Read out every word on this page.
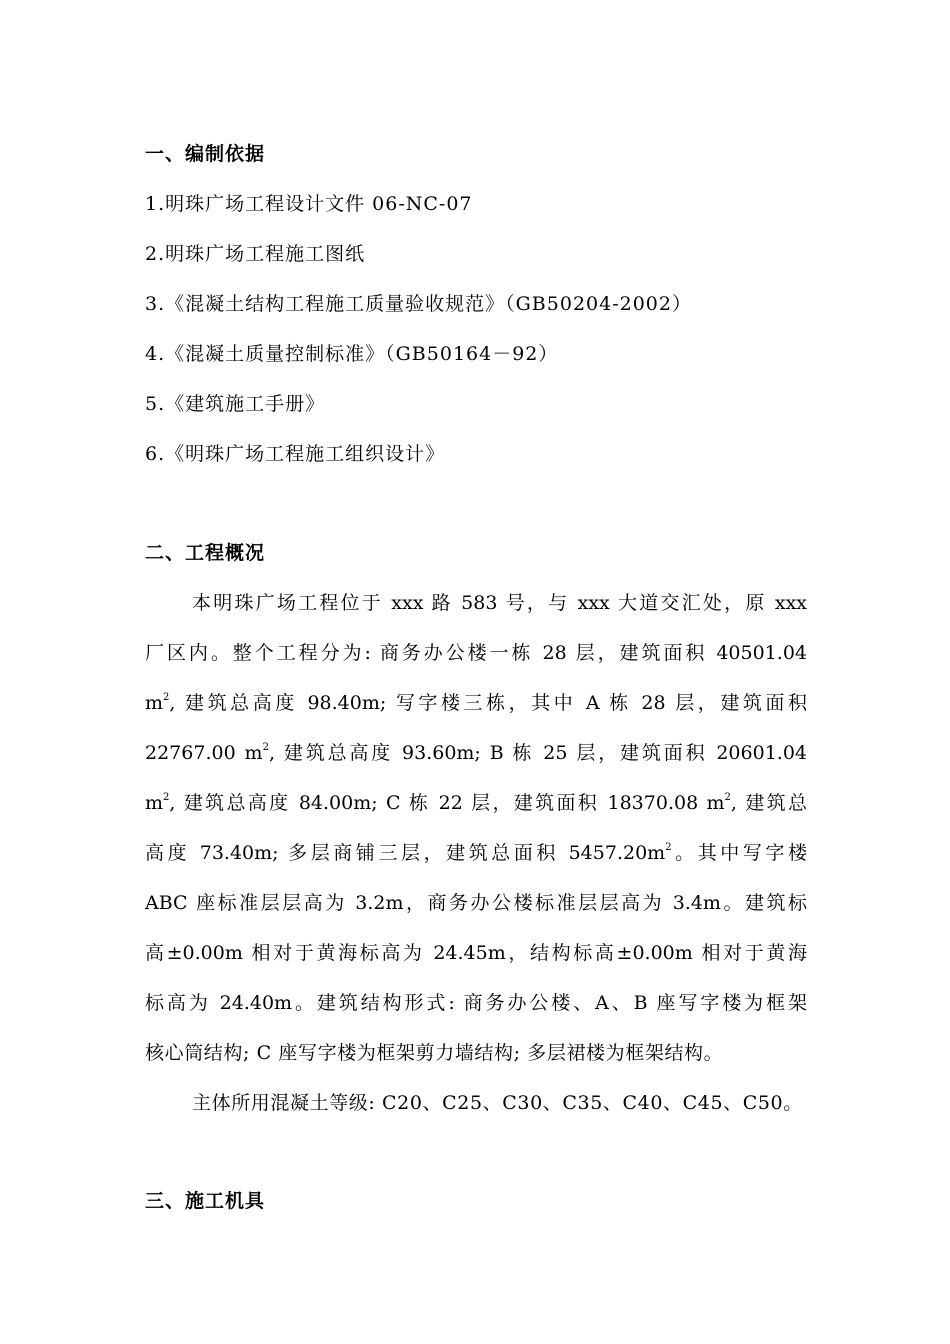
一、编制依据
1.明珠广场工程设计文件 06-NC-07
2.明珠广场工程施工图纸
3.《混凝土结构工程施工质量验收规范》（GB50204-2002）
4.《混凝土质量控制标准》（GB50164－92）
5.《建筑施工手册》
6.《明珠广场工程施工组织设计》
二、工程概况
本明珠广场工程位于 xxx 路 583 号，与 xxx 大道交汇处，原 xxx
厂区内。整个工程分为: 商务办公楼一栋 28 层，建筑面积 40501.04
$m^2$, 建筑总高度 98.40m; 写字楼三栋，其中 A 栋 28 层，建筑面积
22767.00 $m^2$, 建筑总高度 93.60m; B 栋 25 层，建筑面积 20601.04
$m^2$, 建筑总高度 84.00m; C 栋 22 层，建筑面积 18370.08 $m^2$, 建筑总
高度 73.40m; 多层商铺三层，建筑总面积 $5457.20m^2$。其中写字楼
ABC 座标准层层高为 3.2m，商务办公楼标准层层高为 3.4m。建筑标
高±0.00m 相对于黄海标高为 24.45m，结构标高±0.00m 相对于黄海
标高为 24.40m。建筑结构形式: 商务办公楼、A、B 座写字楼为框架
核心筒结构; C 座写字楼为框架剪力墙结构; 多层裙楼为框架结构。
主体所用混凝土等级: C20、C25、C30、C35、C40、C45、C50。
三、施工机具
